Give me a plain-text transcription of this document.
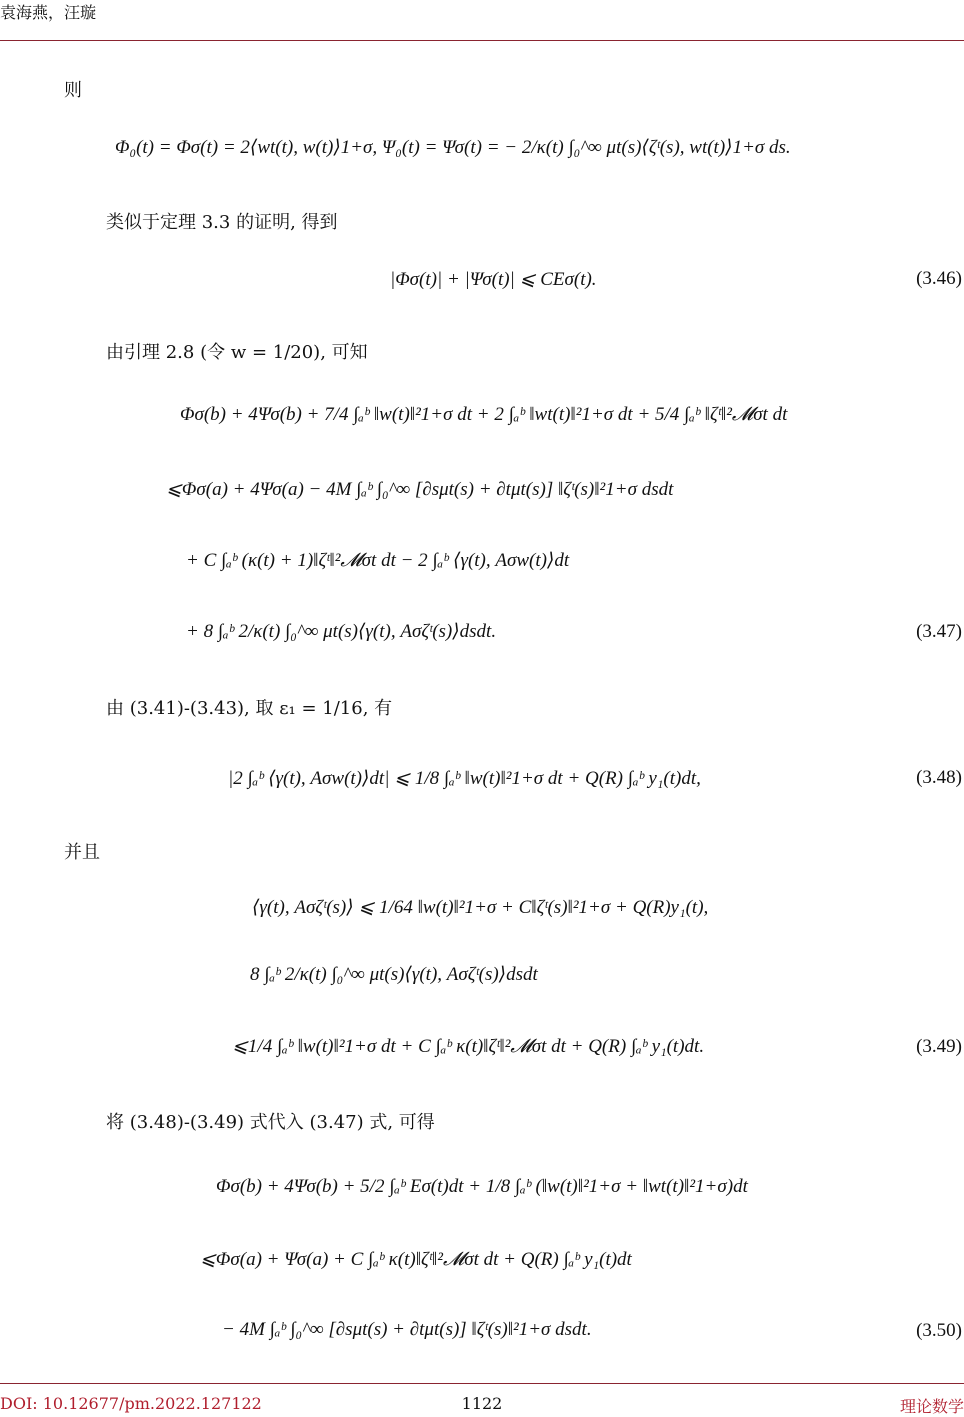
袁海燕，汪璇
则
Φ₀(t) = Φσ(t) = 2⟨wt(t), w(t)⟩1+σ, Ψ₀(t) = Ψσ(t) = − 2/κ(t) ∫₀^∞ μt(s)⟨ζᵗ(s), wt(t)⟩1+σ ds.
类似于定理 3.3 的证明, 得到
|Φσ(t)| + |Ψσ(t)| ⩽ CEσ(t).	(3.46)
由引理 2.8 (令 w = 1/20), 可知
Φσ(b) + 4Ψσ(b) + 7/4 ∫ₐᵇ ‖w(t)‖²1+σ dt + 2 ∫ₐᵇ ‖wt(t)‖²1+σ dt + 5/4 ∫ₐᵇ ‖ζᵗ‖²𝓜σt dt
⩽Φσ(a) + 4Ψσ(a) − 4M ∫ₐᵇ ∫₀^∞ [∂sμt(s) + ∂tμt(s)] ‖ζᵗ(s)‖²1+σ dsdt
+ C ∫ₐᵇ (κ(t) + 1)‖ζᵗ‖²𝓜σt dt − 2 ∫ₐᵇ ⟨γ(t), Aσw(t)⟩dt
+ 8 ∫ₐᵇ 2/κ(t) ∫₀^∞ μt(s)⟨γ(t), Aσζᵗ(s)⟩dsdt.	(3.47)
由 (3.41)-(3.43), 取 ε₁ = 1/16, 有
|2 ∫ₐᵇ ⟨γ(t), Aσw(t)⟩dt| ⩽ 1/8 ∫ₐᵇ ‖w(t)‖²1+σ dt + Q(R) ∫ₐᵇ y₁(t)dt,	(3.48)
并且
⟨γ(t), Aσζᵗ(s)⟩ ⩽ 1/64 ‖w(t)‖²1+σ + C‖ζᵗ(s)‖²1+σ + Q(R)y₁(t),
8 ∫ₐᵇ 2/κ(t) ∫₀^∞ μt(s)⟨γ(t), Aσζᵗ(s)⟩dsdt
⩽1/4 ∫ₐᵇ ‖w(t)‖²1+σ dt + C ∫ₐᵇ κ(t)‖ζᵗ‖²𝓜σt dt + Q(R) ∫ₐᵇ y₁(t)dt.	(3.49)
将 (3.48)-(3.49) 式代入 (3.47) 式, 可得
Φσ(b) + 4Ψσ(b) + 5/2 ∫ₐᵇ Eσ(t)dt + 1/8 ∫ₐᵇ (‖w(t)‖²1+σ + ‖wt(t)‖²1+σ)dt
⩽Φσ(a) + Ψσ(a) + C ∫ₐᵇ κ(t)‖ζᵗ‖²𝓜σt dt + Q(R) ∫ₐᵇ y₁(t)dt
− 4M ∫ₐᵇ ∫₀^∞ [∂sμt(s) + ∂tμt(s)] ‖ζᵗ(s)‖²1+σ dsdt.	(3.50)
DOI: 10.12677/pm.2022.127122	1122	理论数学
